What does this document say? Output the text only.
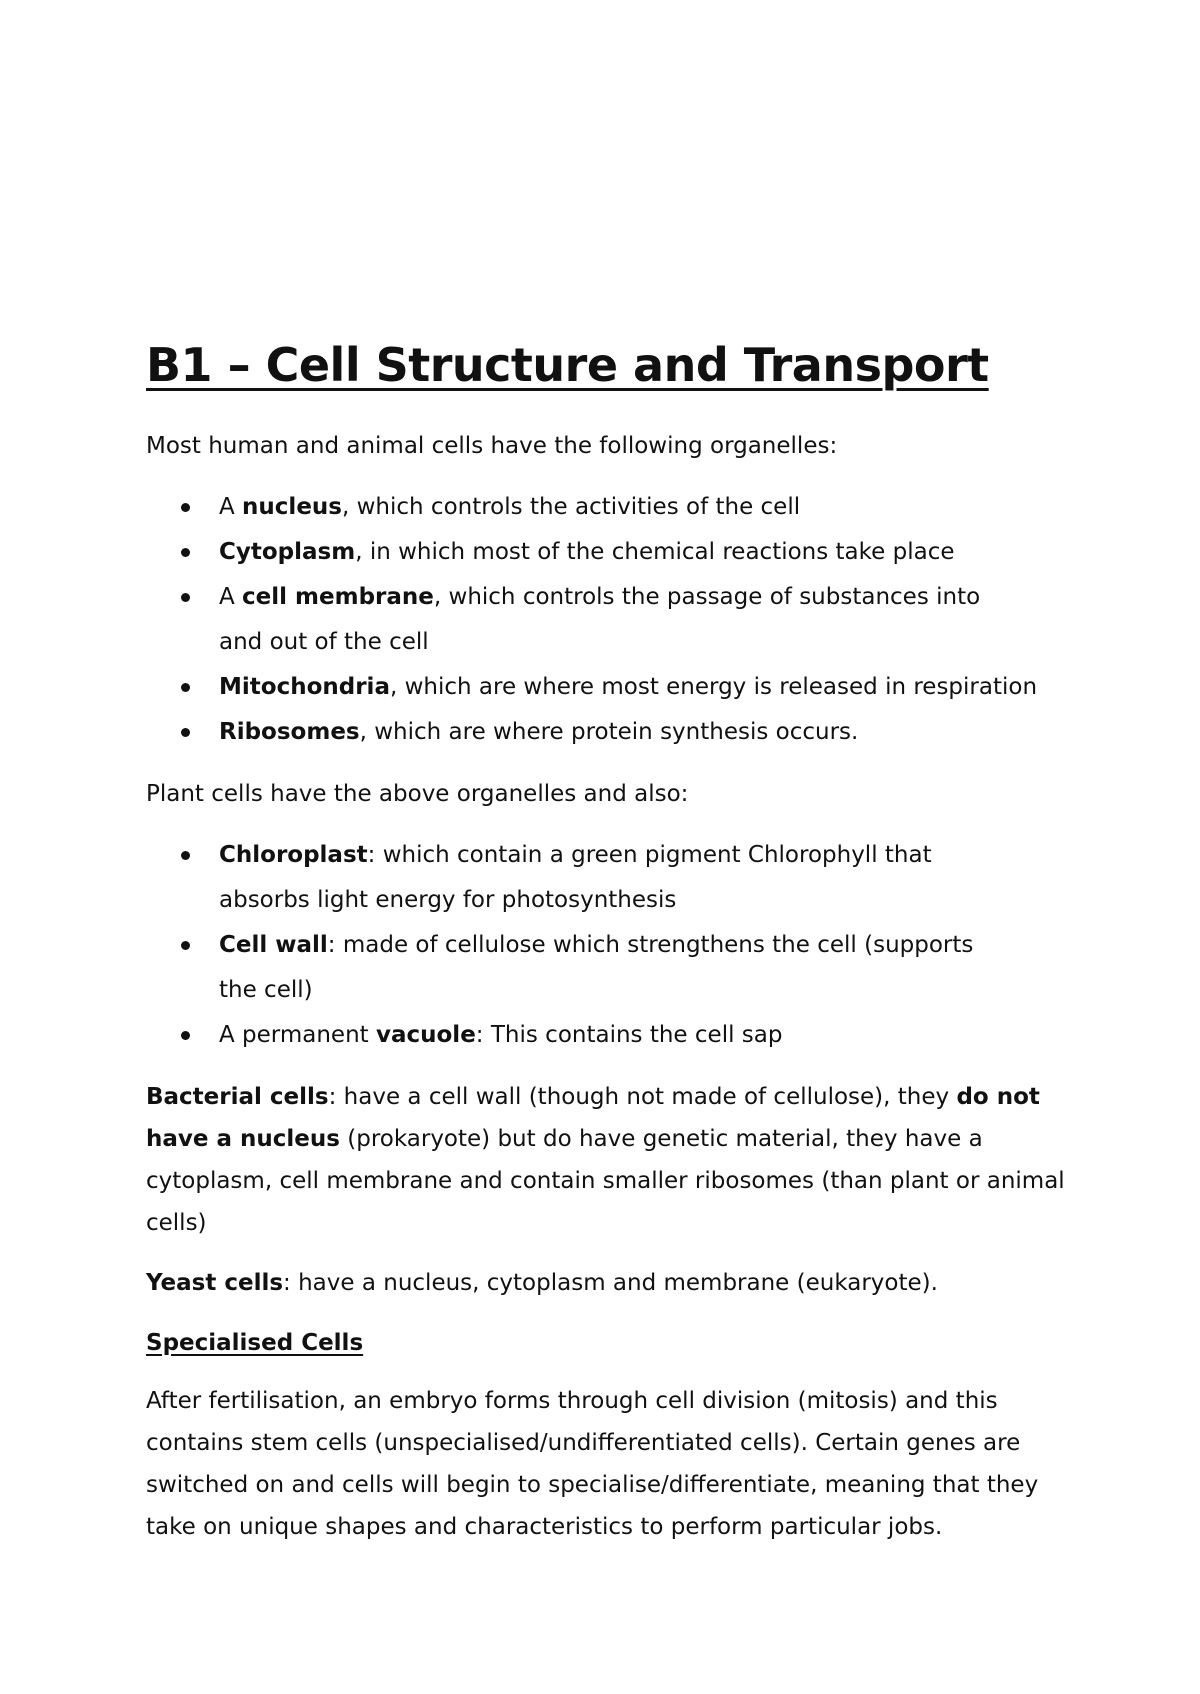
B1 – Cell Structure and Transport

Most human and animal cells have the following organelles:

A nucleus, which controls the activities of the cell
Cytoplasm, in which most of the chemical reactions take place
A cell membrane, which controls the passage of substances into and out of the cell
Mitochondria, which are where most energy is released in respiration
Ribosomes, which are where protein synthesis occurs.

Plant cells have the above organelles and also:

Chloroplast: which contain a green pigment Chlorophyll that absorbs light energy for photosynthesis
Cell wall: made of cellulose which strengthens the cell (supports the cell)
A permanent vacuole: This contains the cell sap

Bacterial cells: have a cell wall (though not made of cellulose), they do not have a nucleus (prokaryote) but do have genetic material, they have a cytoplasm, cell membrane and contain smaller ribosomes (than plant or animal cells)

Yeast cells: have a nucleus, cytoplasm and membrane (eukaryote).

Specialised Cells

After fertilisation, an embryo forms through cell division (mitosis) and this contains stem cells (unspecialised/undifferentiated cells). Certain genes are switched on and cells will begin to specialise/differentiate, meaning that they take on unique shapes and characteristics to perform particular jobs.
